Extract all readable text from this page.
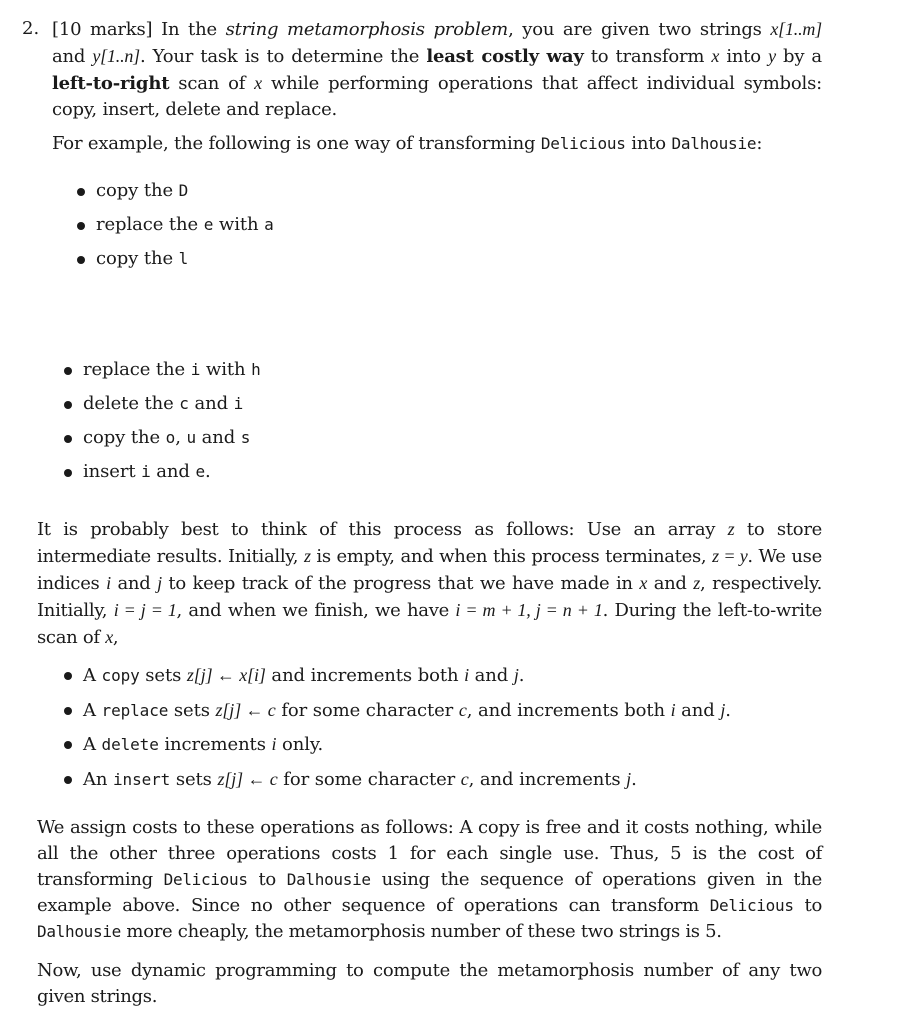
2. [10 marks] In the string metamorphosis problem, you are given two strings x[1..m] and y[1..n]. Your task is to determine the least costly way to transform x into y by a left-to-right scan of x while performing operations that affect individual symbols: copy, insert, delete and replace.
For example, the following is one way of transforming Delicious into Dalhousie:
copy the D
replace the e with a
copy the l
replace the i with h
delete the c and i
copy the o, u and s
insert i and e.
It is probably best to think of this process as follows: Use an array z to store intermediate results. Initially, z is empty, and when this process terminates, z = y. We use indices i and j to keep track of the progress that we have made in x and z, respectively. Initially, i = j = 1, and when we finish, we have i = m + 1, j = n + 1. During the left-to-write scan of x,
A copy sets z[j] ← x[i] and increments both i and j.
A replace sets z[j] ← c for some character c, and increments both i and j.
A delete increments i only.
An insert sets z[j] ← c for some character c, and increments j.
We assign costs to these operations as follows: A copy is free and it costs nothing, while all the other three operations costs 1 for each single use. Thus, 5 is the cost of transforming Delicious to Dalhousie using the sequence of operations given in the example above. Since no other sequence of operations can transform Delicious to Dalhousie more cheaply, the metamorphosis number of these two strings is 5.
Now, use dynamic programming to compute the metamorphosis number of any two given strings.
